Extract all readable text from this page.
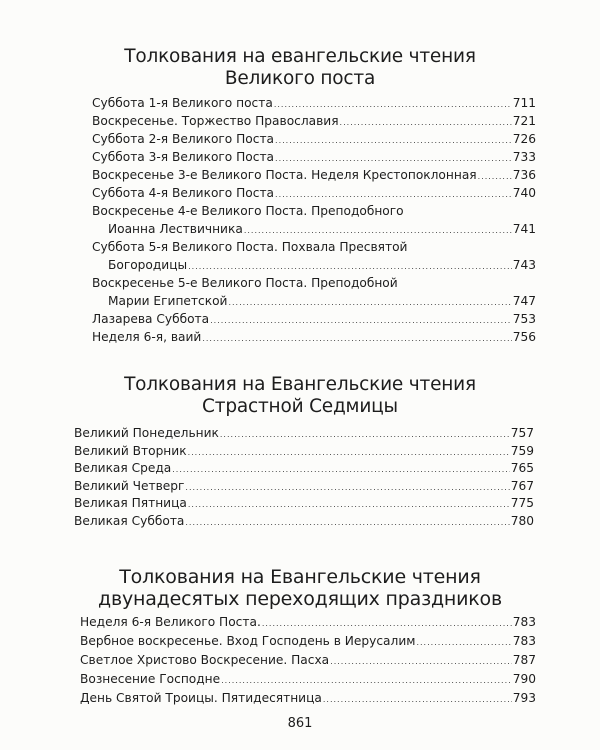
Толкования на евангельские чтения
Великого поста
Суббота 1-я Великого поста .....	711
Воскресенье. Торжество Православия .....	721
Суббота 2-я Великого Поста .....	726
Суббота 3-я Великого Поста .....	733
Воскресенье 3-е Великого Поста. Неделя Крестопоклонная .....	736
Суббота 4-я Великого Поста .....	740
Воскресенье 4-е Великого Поста. Преподобного
Иоанна Лествичника .....	741
Суббота 5-я Великого Поста. Похвала Пресвятой
Богородицы .....	743
Воскресенье 5-е Великого Поста. Преподобной
Марии Египетской .....	747
Лазарева Суббота .....	753
Неделя 6-я, ваий .....	756
Толкования на Евангельские чтения
Страстной Седмицы
Великий Понедельник .....	757
Великий Вторник .....	759
Великая Среда .....	765
Великий Четверг .....	767
Великая Пятница .....	775
Великая Суббота .....	780
Толкования на Евангельские чтения
двунадесятых переходящих праздников
Неделя 6-я Великого Поста. .....	783
Вербное воскресенье. Вход Господень в Иерусалим .....	783
Светлое Христово Воскресение. Пасха .....	787
Вознесение Господне .....	790
День Святой Троицы. Пятидесятница .....	793
861
